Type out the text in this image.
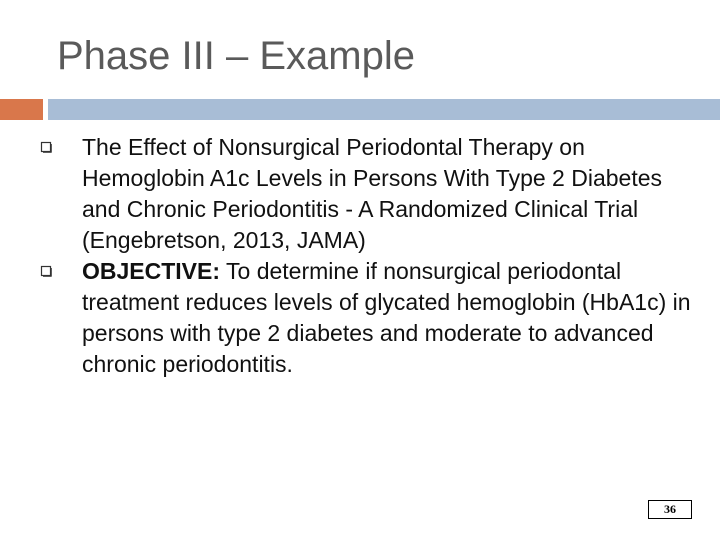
Phase III – Example
The Effect of Nonsurgical Periodontal Therapy on Hemoglobin A1c Levels in Persons With Type 2 Diabetes and Chronic Periodontitis - A Randomized Clinical Trial (Engebretson, 2013, JAMA)
OBJECTIVE: To determine if nonsurgical periodontal treatment reduces levels of glycated hemoglobin (HbA1c) in persons with type 2 diabetes and moderate to advanced chronic periodontitis.
36
